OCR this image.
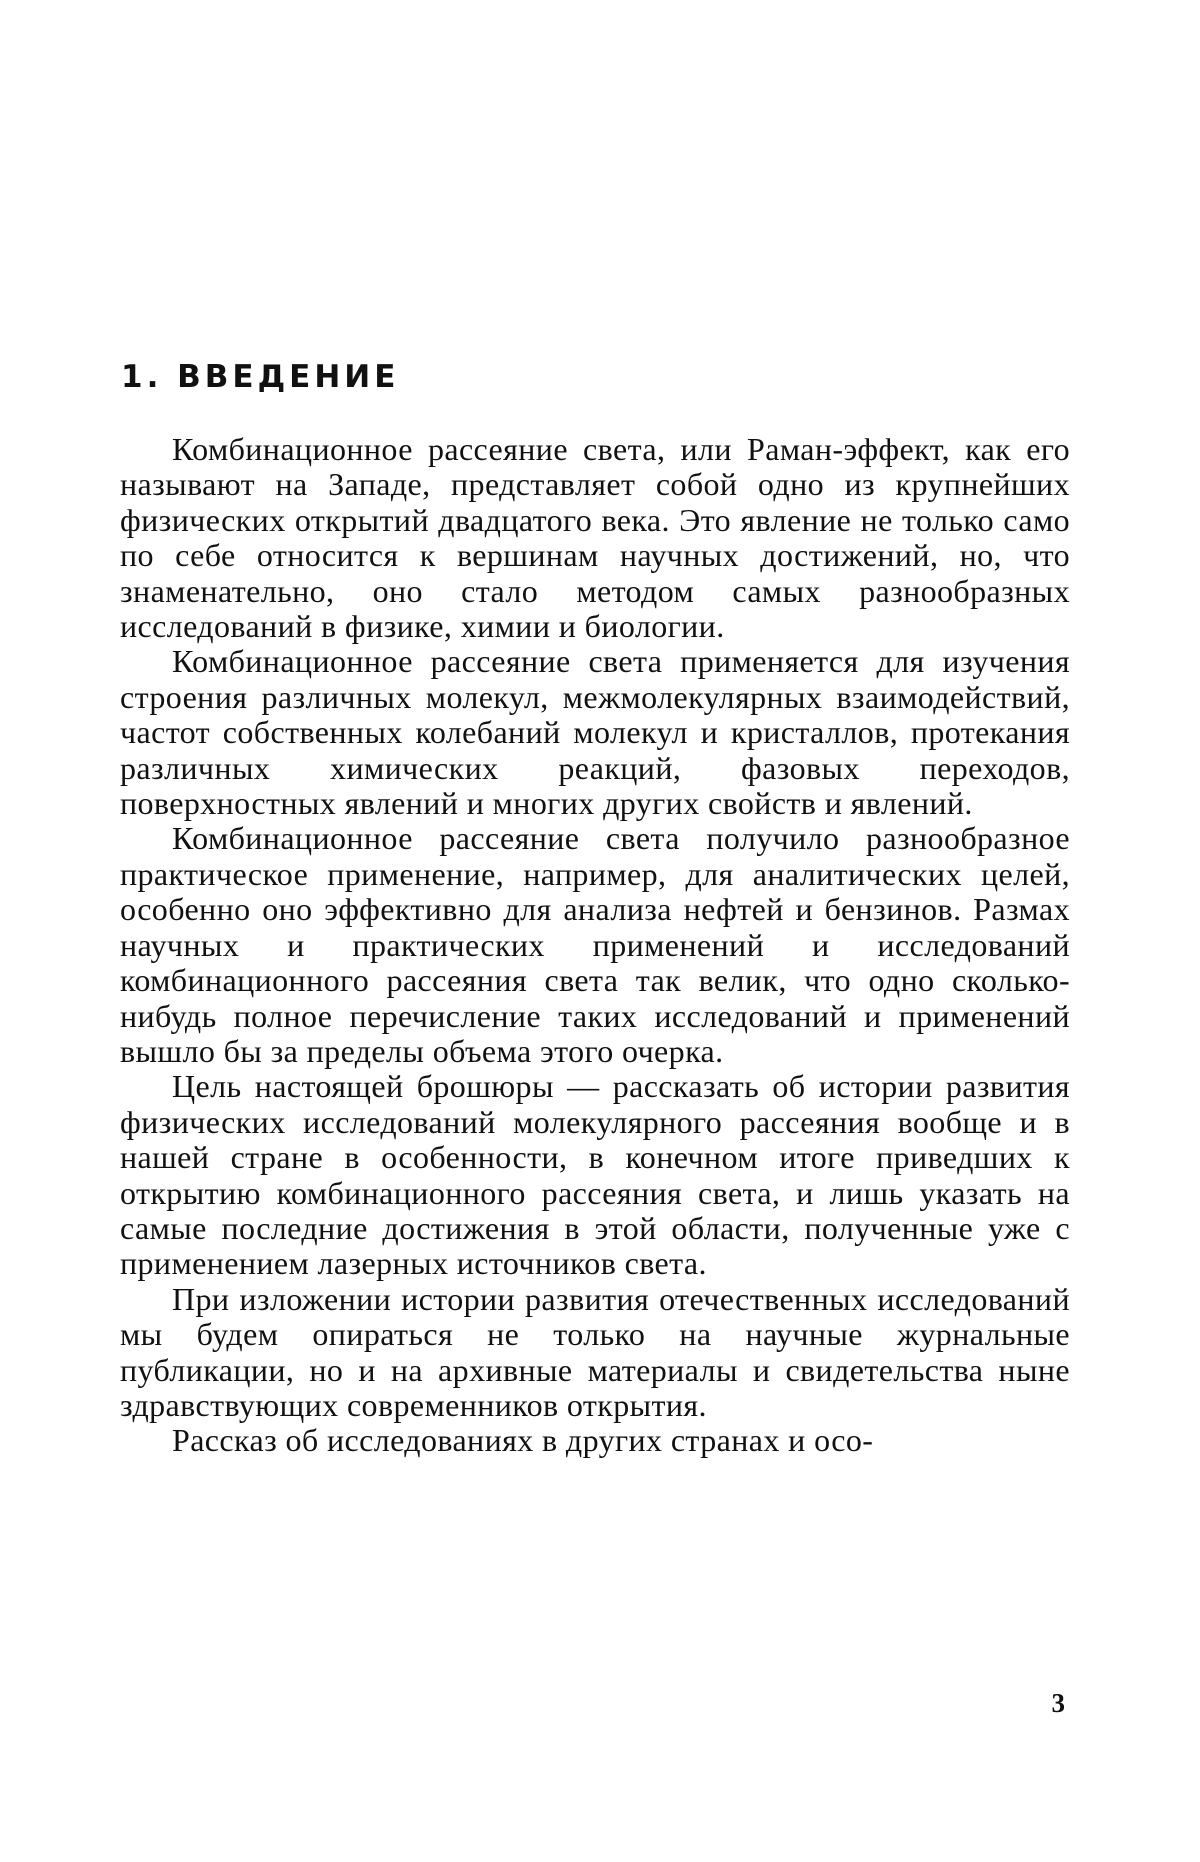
1. ВВЕДЕНИЕ

Комбинационное рассеяние света, или Раман-эффект, как его называют на Западе, представляет собой одно из крупнейших физических открытий двадцатого века. Это явление не только само по себе относится к вершинам научных достижений, но, что знаменательно, оно стало методом самых разнообразных исследований в физике, химии и биологии.

Комбинационное рассеяние света применяется для изучения строения различных молекул, межмолекулярных взаимодействий, частот собственных колебаний молекул и кристаллов, протекания различных химических реакций, фазовых переходов, поверхностных явлений и многих других свойств и явлений.

Комбинационное рассеяние света получило разнообразное практическое применение, например, для аналитических целей, особенно оно эффективно для анализа нефтей и бензинов. Размах научных и практических применений и исследований комбинационного рассеяния света так велик, что одно сколько-нибудь полное перечисление таких исследований и применений вышло бы за пределы объема этого очерка.

Цель настоящей брошюры — рассказать об истории развития физических исследований молекулярного рассеяния вообще и в нашей стране в особенности, в конечном итоге приведших к открытию комбинационного рассеяния света, и лишь указать на самые последние достижения в этой области, полученные уже с применением лазерных источников света.

При изложении истории развития отечественных исследований мы будем опираться не только на научные журнальные публикации, но и на архивные материалы и свидетельства ныне здравствующих современников открытия.

Рассказ об исследованиях в других странах и осо-

3
